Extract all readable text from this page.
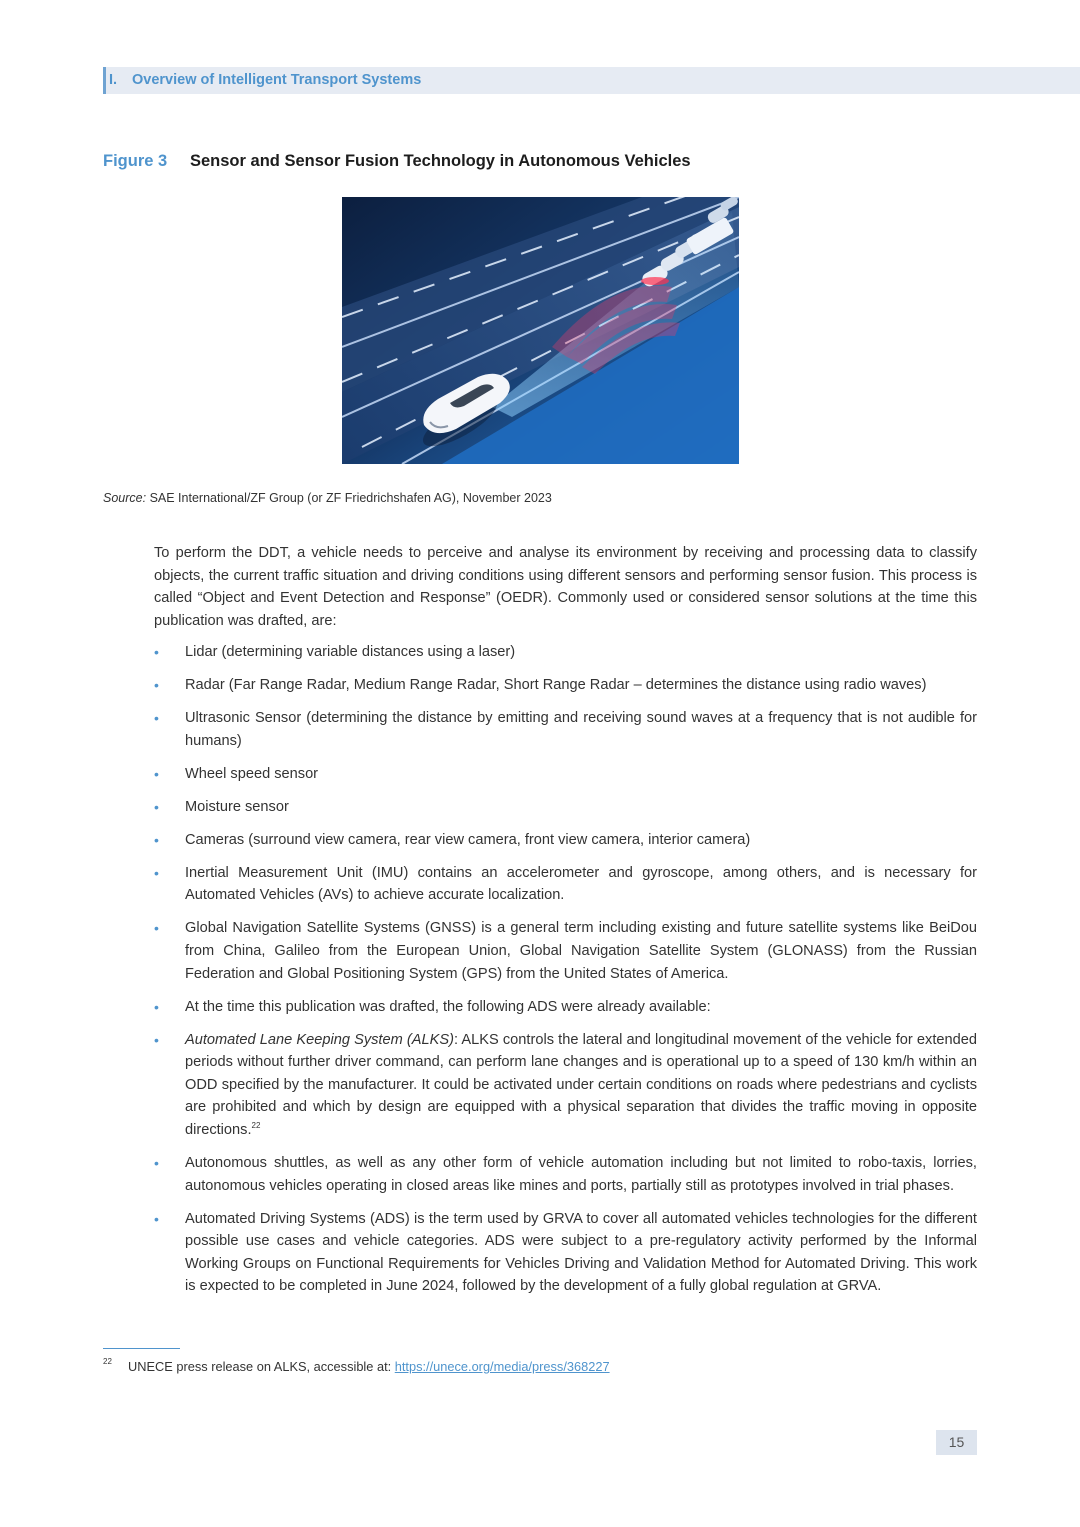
I. Overview of Intelligent Transport Systems
Figure 3 Sensor and Sensor Fusion Technology in Autonomous Vehicles
Source: SAE International/ZF Group (or ZF Friedrichshafen AG), November 2023

To perform the DDT, a vehicle needs to perceive and analyse its environment by receiving and processing data to classify objects, the current traffic situation and driving conditions using different sensors and performing sensor fusion. This process is called “Object and Event Detection and Response” (OEDR). Commonly used or considered sensor solutions at the time this publication was drafted, are:

• Lidar (determining variable distances using a laser)
• Radar (Far Range Radar, Medium Range Radar, Short Range Radar – determines the distance using radio waves)
• Ultrasonic Sensor (determining the distance by emitting and receiving sound waves at a frequency that is not audible for humans)
• Wheel speed sensor
• Moisture sensor
• Cameras (surround view camera, rear view camera, front view camera, interior camera)
• Inertial Measurement Unit (IMU) contains an accelerometer and gyroscope, among others, and is necessary for Automated Vehicles (AVs) to achieve accurate localization.
• Global Navigation Satellite Systems (GNSS) is a general term including existing and future satellite systems like BeiDou from China, Galileo from the European Union, Global Navigation Satellite System (GLONASS) from the Russian Federation and Global Positioning System (GPS) from the United States of America.
• At the time this publication was drafted, the following ADS were already available:
• Automated Lane Keeping System (ALKS): ALKS controls the lateral and longitudinal movement of the vehicle for extended periods without further driver command, can perform lane changes and is operational up to a speed of 130 km/h within an ODD specified by the manufacturer. It could be activated under certain conditions on roads where pedestrians and cyclists are prohibited and which by design are equipped with a physical separation that divides the traffic moving in opposite directions.$^{22}$
• Autonomous shuttles, as well as any other form of vehicle automation including but not limited to robo-taxis, lorries, autonomous vehicles operating in closed areas like mines and ports, partially still as prototypes involved in trial phases.
• Automated Driving Systems (ADS) is the term used by GRVA to cover all automated vehicles technologies for the different possible use cases and vehicle categories. ADS were subject to a pre-regulatory activity performed by the Informal Working Groups on Functional Requirements for Vehicles Driving and Validation Method for Automated Driving. This work is expected to be completed in June 2024, followed by the development of a fully global regulation at GRVA.
22 UNECE press release on ALKS, accessible at: https://unece.org/media/press/368227
15
